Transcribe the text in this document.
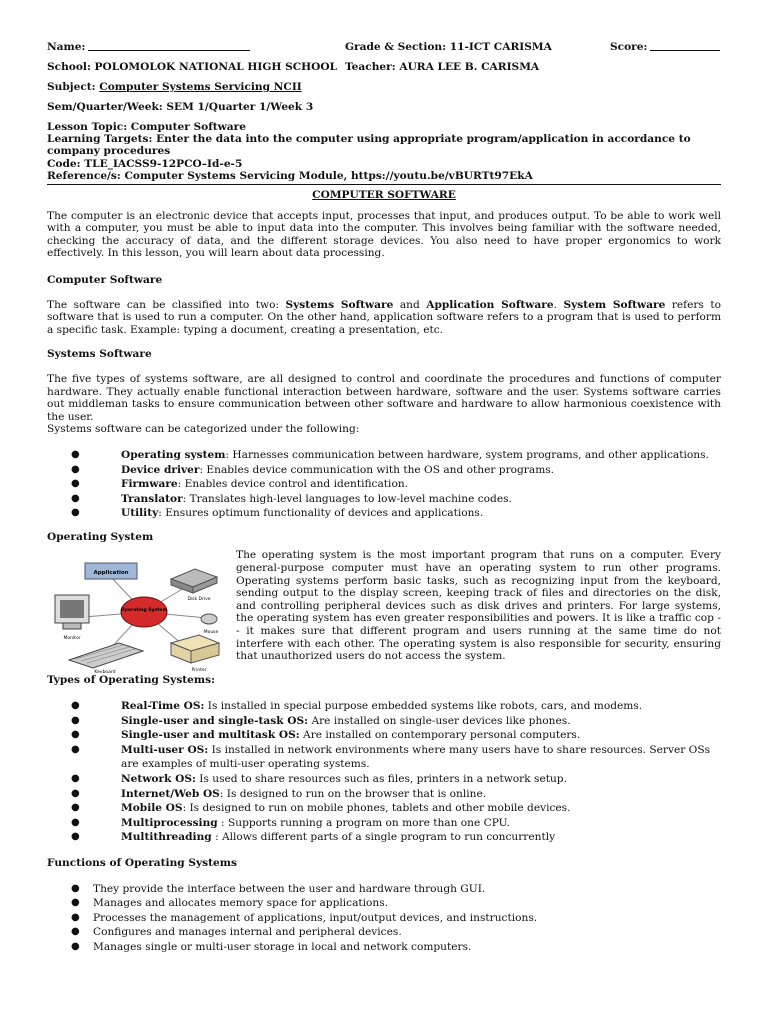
Name:	Grade & Section: 11-ICT CARISMA	Score:
School: POLOMOLOK NATIONAL HIGH SCHOOL Teacher: AURA LEE B. CARISMA
Subject: Computer Systems Servicing NCII
Sem/Quarter/Week: SEM 1/Quarter 1/Week 3
Lesson Topic: Computer Software
Learning Targets: Enter the data into the computer using appropriate program/application in accordance to company procedures
Code: TLE_IACSS9-12PCO–Id-e-5
Reference/s: Computer Systems Servicing Module, https://youtu.be/vBURTt97EkA
COMPUTER SOFTWARE

The computer is an electronic device that accepts input, processes that input, and produces output. To be able to work well with a computer, you must be able to input data into the computer. This involves being familiar with the software needed, checking the accuracy of data, and the different storage devices. You also need to have proper ergonomics to work effectively. In this lesson, you will learn about data processing.

Computer Software

The software can be classified into two: Systems Software and Application Software. System Software refers to software that is used to run a computer. On the other hand, application software refers to a program that is used to perform a specific task. Example: typing a document, creating a presentation, etc.

Systems Software

The five types of systems software, are all designed to control and coordinate the procedures and functions of computer hardware. They actually enable functional interaction between hardware, software and the user. Systems software carries out middleman tasks to ensure communication between other software and hardware to allow harmonious coexistence with the user.

Systems software can be categorized under the following:

●	Operating system: Harnesses communication between hardware, system programs, and other applications.
●	Device driver: Enables device communication with the OS and other programs.
●	Firmware: Enables device control and identification.
●	Translator: Translates high-level languages to low-level machine codes.
●	Utility: Ensures optimum functionality of devices and applications.
Operating System
Application
Disk Drive
Mouse
Monitor
Keyboard	Printer
Operating System

The operating system is the most important program that runs on a computer. Every general-purpose computer must have an operating system to run other programs. Operating systems perform basic tasks, such as recognizing input from the keyboard, sending output to the display screen, keeping track of files and directories on the disk, and controlling peripheral devices such as disk drives and printers. For large systems, the operating system has even greater responsibilities and powers. It is like a traffic cop -- it makes sure that different program and users running at the same time do not interfere with each other. The operating system is also responsible for security, ensuring that unauthorized users do not access the system.

Types of Operating Systems:
●	Real-Time OS: Is installed in special purpose embedded systems like robots, cars, and modems.
●	Single-user and single-task OS: Are installed on single-user devices like phones.
●	Single-user and multitask OS: Are installed on contemporary personal computers.
●	Multi-user OS: Is installed in network environments where many users have to share resources. Server OSs are examples of multi-user operating systems.
●	Network OS: Is used to share resources such as files, printers in a network setup.
●	Internet/Web OS: Is designed to run on the browser that is online.
●	Mobile OS: Is designed to run on mobile phones, tablets and other mobile devices.
●	Multiprocessing : Supports running a program on more than one CPU.
●	Multithreading : Allows different parts of a single program to run concurrently
Functions of Operating Systems
● They provide the interface between the user and hardware through GUI.
● Manages and allocates memory space for applications.
● Processes the management of applications, input/output devices, and instructions.
● Configures and manages internal and peripheral devices.
● Manages single or multi-user storage in local and network computers.
